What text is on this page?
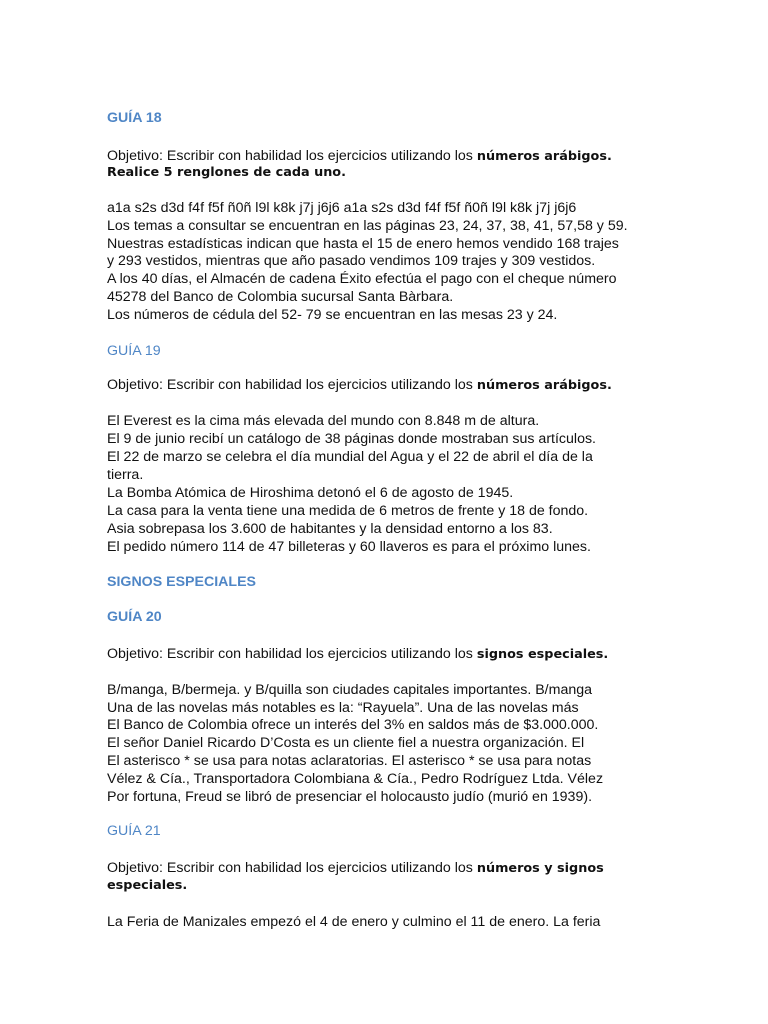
GUÍA 18
Objetivo: Escribir con habilidad los ejercicios utilizando los números arábigos.
Realice 5 renglones de cada uno.
a1a s2s d3d f4f f5f ñ0ñ l9l k8k j7j j6j6 a1a s2s d3d f4f f5f ñ0ñ l9l k8k j7j j6j6
Los temas a consultar se encuentran en las páginas 23, 24, 37, 38, 41, 57,58 y 59.
Nuestras estadísticas indican que hasta el 15 de enero hemos vendido 168 trajes
y 293 vestidos, mientras que año pasado vendimos 109 trajes y 309 vestidos.
A los 40 días, el Almacén de cadena Éxito efectúa el pago con el cheque número
45278 del Banco de Colombia sucursal Santa Bàrbara.
Los números de cédula del 52- 79 se encuentran en las mesas 23 y 24.
GUÍA 19
Objetivo: Escribir con habilidad los ejercicios utilizando los números arábigos.
El Everest es la cima más elevada del mundo con 8.848 m de altura.
El 9 de junio recibí un catálogo de 38 páginas donde mostraban sus artículos.
El 22 de marzo se celebra el día mundial del Agua y el 22 de abril el día de la
tierra.
La Bomba Atómica de Hiroshima detonó el 6 de agosto de 1945.
La casa para la venta tiene una medida de 6 metros de frente y 18 de fondo.
Asia sobrepasa los 3.600 de habitantes y la densidad entorno a los 83.
El pedido número 114 de 47 billeteras y 60 llaveros es para el próximo lunes.
SIGNOS ESPECIALES
GUÍA 20
Objetivo: Escribir con habilidad los ejercicios utilizando los signos especiales.
B/manga, B/bermeja. y B/quilla son ciudades capitales importantes. B/manga
Una de las novelas más notables es la: “Rayuela”. Una de las novelas más
El Banco de Colombia ofrece un interés del 3% en saldos más de $3.000.000.
El señor Daniel Ricardo D’Costa es un cliente fiel a nuestra organización. El
El asterisco * se usa para notas aclaratorias. El asterisco * se usa para notas
Vélez & Cía., Transportadora Colombiana & Cía., Pedro Rodríguez Ltda. Vélez
Por fortuna, Freud se libró de presenciar el holocausto judío (murió en 1939).
GUÍA 21
Objetivo: Escribir con habilidad los ejercicios utilizando los números y signos
especiales.
La Feria de Manizales empezó el 4 de enero y culmino el 11 de enero. La feria
